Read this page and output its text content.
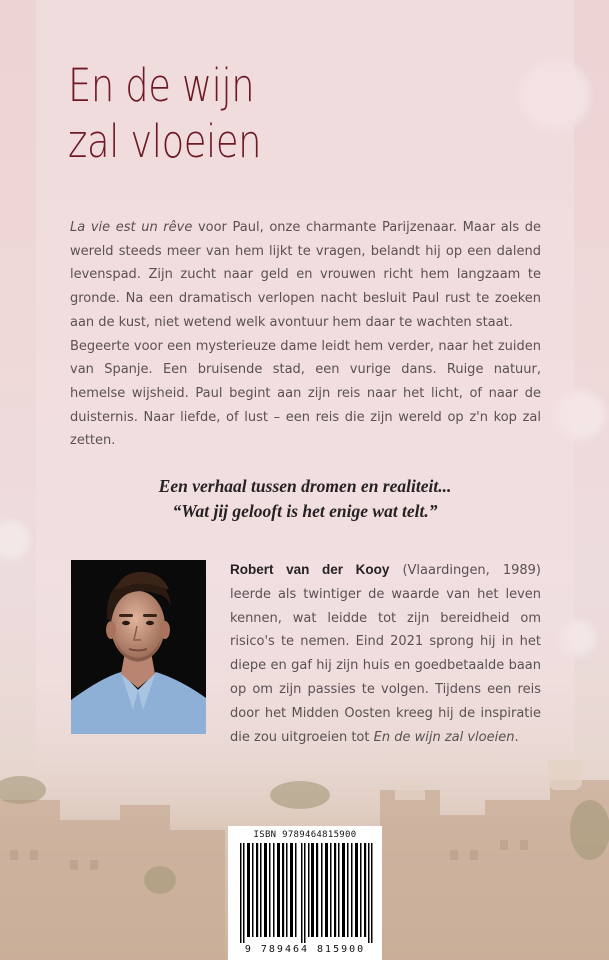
En de wijn
zal vloeien

La vie est un rêve voor Paul, onze charmante Parijzenaar. Maar als de wereld steeds meer van hem lijkt te vragen, belandt hij op een dalend levenspad. Zijn zucht naar geld en vrouwen richt hem langzaam te gronde. Na een dramatisch verlopen nacht besluit Paul rust te zoeken aan de kust, niet wetend welk avontuur hem daar te wachten staat.

Begeerte voor een mysterieuze dame leidt hem verder, naar het zuiden van Spanje. Een bruisende stad, een vurige dans. Ruige natuur, hemelse wijsheid. Paul begint aan zijn reis naar het licht, of naar de duisternis. Naar liefde, of lust – een reis die zijn wereld op z'n kop zal zetten.

Een verhaal tussen dromen en realiteit...
“Wat jij gelooft is het enige wat telt.”
Robert van der Kooy (Vlaardingen, 1989) leerde als twintiger de waarde van het leven kennen, wat leidde tot zijn bereidheid om risico's te nemen. Eind 2021 sprong hij in het diepe en gaf hij zijn huis en goedbetaalde baan op om zijn passies te volgen. Tijdens een reis door het Midden Oosten kreeg hij de inspiratie die zou uitgroeien tot En de wijn zal vloeien.
ISBN 9789464815900
9 789464 815900
